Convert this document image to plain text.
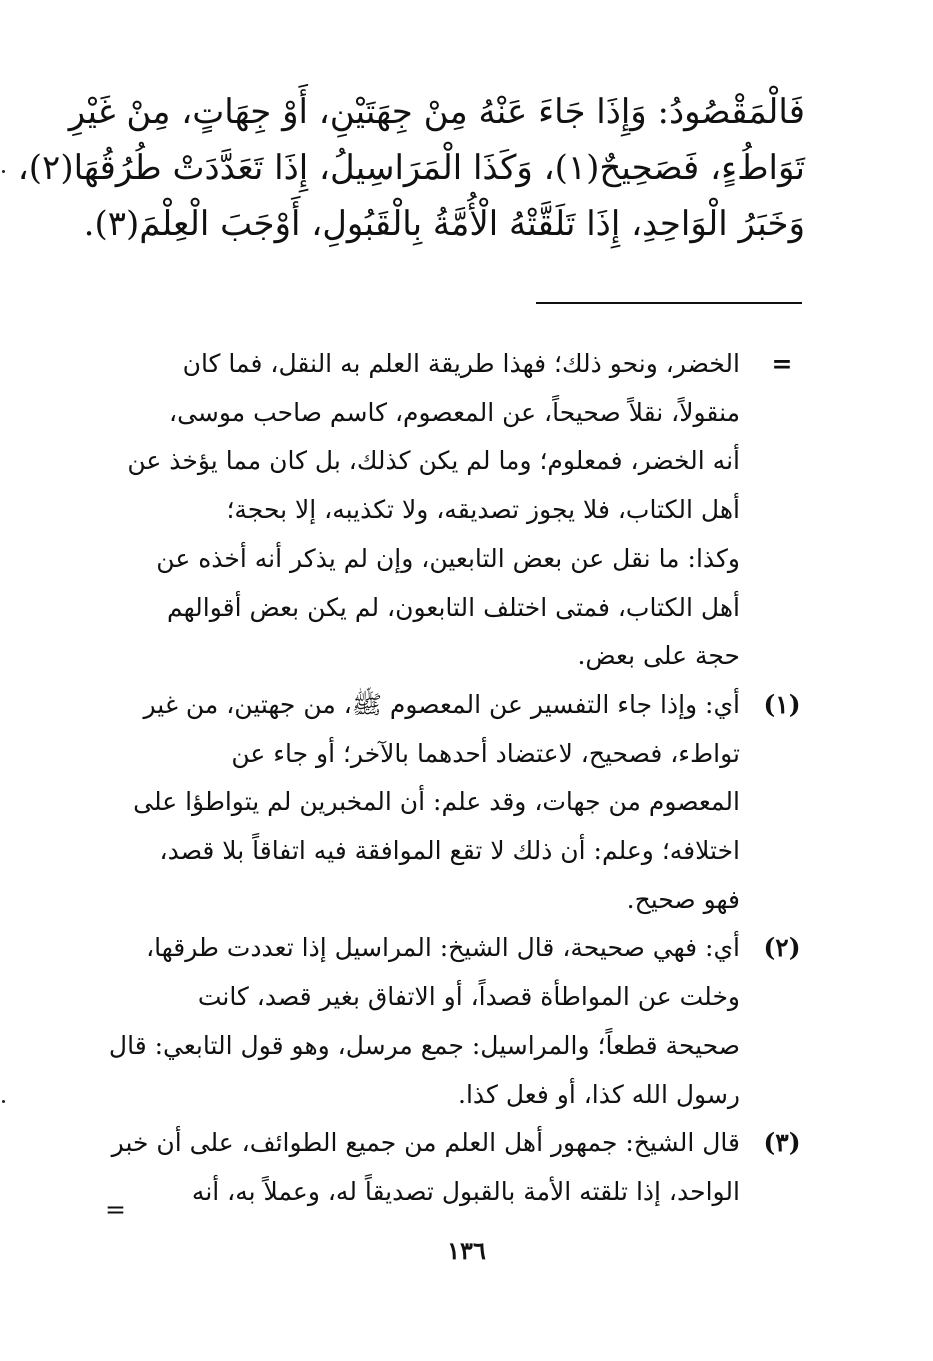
فَالْمَقْصُودُ: وَإِذَا جَاءَ عَنْهُ مِنْ جِهَتَيْنِ، أَوْ جِهَاتٍ، مِنْ غَيْرِ

تَوَاطُءٍ، فَصَحِيحٌ(١)، وَكَذَا الْمَرَاسِيلُ، إِذَا تَعَدَّدَتْ طُرُقُهَا(٢)،

وَخَبَرُ الْوَاحِدِ، إِذَا تَلَقَّتْهُ الْأُمَّةُ بِالْقَبُولِ، أَوْجَبَ الْعِلْمَ(٣).

=

الخضر، ونحو ذلك؛ فهذا طريقة العلم به النقل، فما كان

منقولاً، نقلاً صحيحاً، عن المعصوم، كاسم صاحب موسى،

أنه الخضر، فمعلوم؛ وما لم يكن كذلك، بل كان مما يؤخذ عن

أهل الكتاب، فلا يجوز تصديقه، ولا تكذيبه، إلا بحجة؛

وكذا: ما نقل عن بعض التابعين، وإن لم يذكر أنه أخذه عن

أهل الكتاب، فمتى اختلف التابعون، لم يكن بعض أقوالهم

حجة على بعض.

(١)

أي: وإذا جاء التفسير عن المعصوم ﷺ، من جهتين، من غير

تواطء، فصحيح، لاعتضاد أحدهما بالآخر؛ أو جاء عن

المعصوم من جهات، وقد علم: أن المخبرين لم يتواطؤا على

اختلافه؛ وعلم: أن ذلك لا تقع الموافقة فيه اتفاقاً بلا قصد،

فهو صحيح.

(٢)

أي: فهي صحيحة، قال الشيخ: المراسيل إذا تعددت طرقها،

وخلت عن المواطأة قصداً، أو الاتفاق بغير قصد، كانت

صحيحة قطعاً؛ والمراسيل: جمع مرسل، وهو قول التابعي: قال

رسول الله كذا، أو فعل كذا.

(٣)

قال الشيخ: جمهور أهل العلم من جميع الطوائف، على أن خبر

الواحد، إذا تلقته الأمة بالقبول تصديقاً له، وعملاً به، أنه

=
١٣٦
